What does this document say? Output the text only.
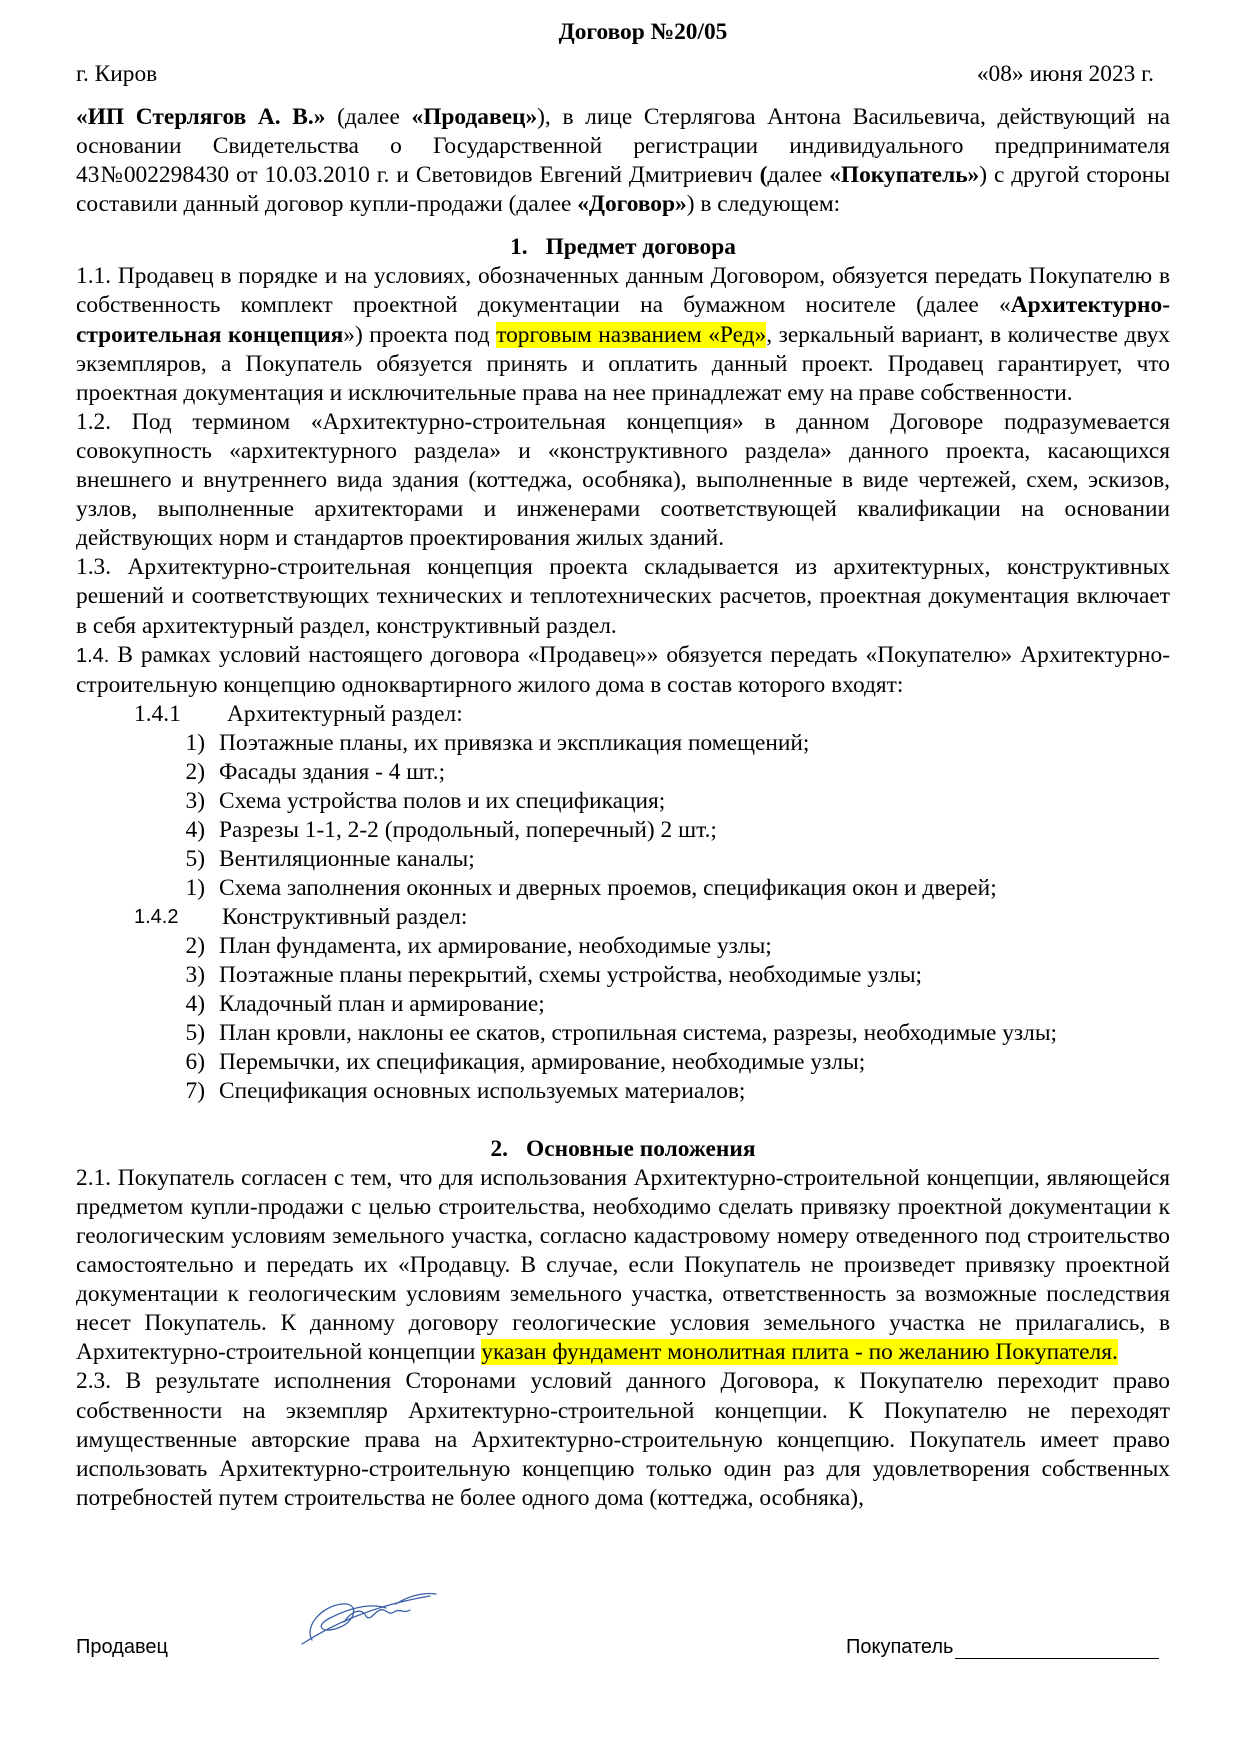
Договор №20/05
г. Киров	«08» июня 2023 г.
«ИП Стерлягов А. В.» (далее «Продавец»), в лице Стерлягова Антона Васильевича, действующий на основании Свидетельства о Государственной регистрации индивидуального предпринимателя 43№002298430 от 10.03.2010 г. и Световидов Евгений Дмитриевич (далее «Покупатель») с другой стороны составили данный договор купли-продажи (далее «Договор») в следующем:
1. Предмет договора
1.1. Продавец в порядке и на условиях, обозначенных данным Договором, обязуется передать Покупателю в собственность комплект проектной документации на бумажном носителе (далее «Архитектурно-строительная концепция») проекта под торговым названием «Ред», зеркальный вариант, в количестве двух экземпляров, а Покупатель обязуется принять и оплатить данный проект. Продавец гарантирует, что проектная документация и исключительные права на нее принадлежат ему на праве собственности.
1.2. Под термином «Архитектурно-строительная концепция» в данном Договоре подразумевается совокупность «архитектурного раздела» и «конструктивного раздела» данного проекта, касающихся внешнего и внутреннего вида здания (коттеджа, особняка), выполненные в виде чертежей, схем, эскизов, узлов, выполненные архитекторами и инженерами соответствующей квалификации на основании действующих норм и стандартов проектирования жилых зданий.
1.3. Архитектурно-строительная концепция проекта складывается из архитектурных, конструктивных решений и соответствующих технических и теплотехнических расчетов, проектная документация включает в себя архитектурный раздел, конструктивный раздел.
1.4. В рамках условий настоящего договора «Продавец»» обязуется передать «Покупателю» Архитектурно-строительную концепцию одноквартирного жилого дома в состав которого входят:
1.4.1	Архитектурный раздел:
1) Поэтажные планы, их привязка и экспликация помещений;
2) Фасады здания - 4 шт.;
3) Схема устройства полов и их спецификация;
4) Разрезы 1-1, 2-2 (продольный, поперечный) 2 шт.;
5) Вентиляционные каналы;
1) Схема заполнения оконных и дверных проемов, спецификация окон и дверей;
1.4.2	Конструктивный раздел:
2) План фундамента, их армирование, необходимые узлы;
3) Поэтажные планы перекрытий, схемы устройства, необходимые узлы;
4) Кладочный план и армирование;
5) План кровли, наклоны ее скатов, стропильная система, разрезы, необходимые узлы;
6) Перемычки, их спецификация, армирование, необходимые узлы;
7) Спецификация основных используемых материалов;
2. Основные положения
2.1. Покупатель согласен с тем, что для использования Архитектурно-строительной концепции, являющейся предметом купли-продажи с целью строительства, необходимо сделать привязку проектной документации к геологическим условиям земельного участка, согласно кадастровому номеру отведенного под строительство самостоятельно и передать их «Продавцу. В случае, если Покупатель не произведет привязку проектной документации к геологическим условиям земельного участка, ответственность за возможные последствия несет Покупатель. К данному договору геологические условия земельного участка не прилагались, в Архитектурно-строительной концепции указан фундамент монолитная плита - по желанию Покупателя.
2.3. В результате исполнения Сторонами условий данного Договора, к Покупателю переходит право собственности на экземпляр Архитектурно-строительной концепции. К Покупателю не переходят имущественные авторские права на Архитектурно-строительную концепцию. Покупатель имеет право использовать Архитектурно-строительную концепцию только один раз для удовлетворения собственных потребностей путем строительства не более одного дома (коттеджа, особняка),
Продавец	Покупатель
